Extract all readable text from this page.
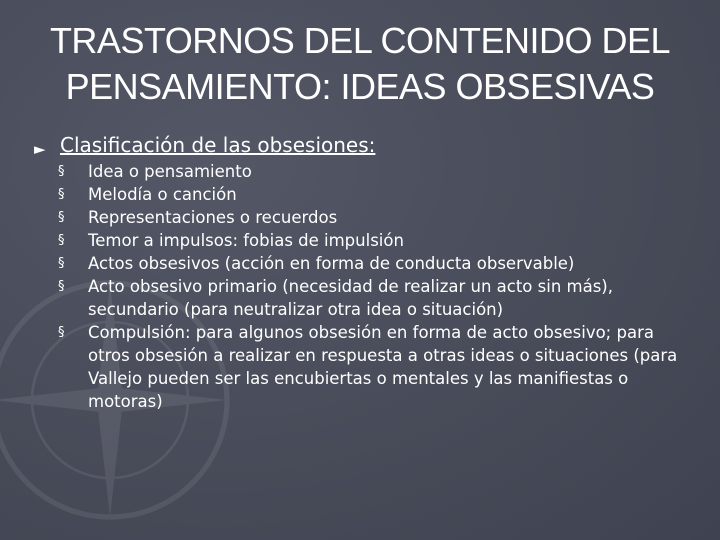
TRASTORNOS DEL CONTENIDO DEL
PENSAMIENTO: IDEAS OBSESIVAS
► Clasificación de las obsesiones:
§ Idea o pensamiento
§ Melodía o canción
§ Representaciones o recuerdos
§ Temor a impulsos: fobias de impulsión
§ Actos obsesivos (acción en forma de conducta observable)
§ Acto obsesivo primario (necesidad de realizar un acto sin más), secundario (para neutralizar otra idea o situación)
§ Compulsión: para algunos obsesión en forma de acto obsesivo; para otros obsesión a realizar en respuesta a otras ideas o situaciones (para Vallejo pueden ser las encubiertas o mentales y las manifiestas o motoras)
